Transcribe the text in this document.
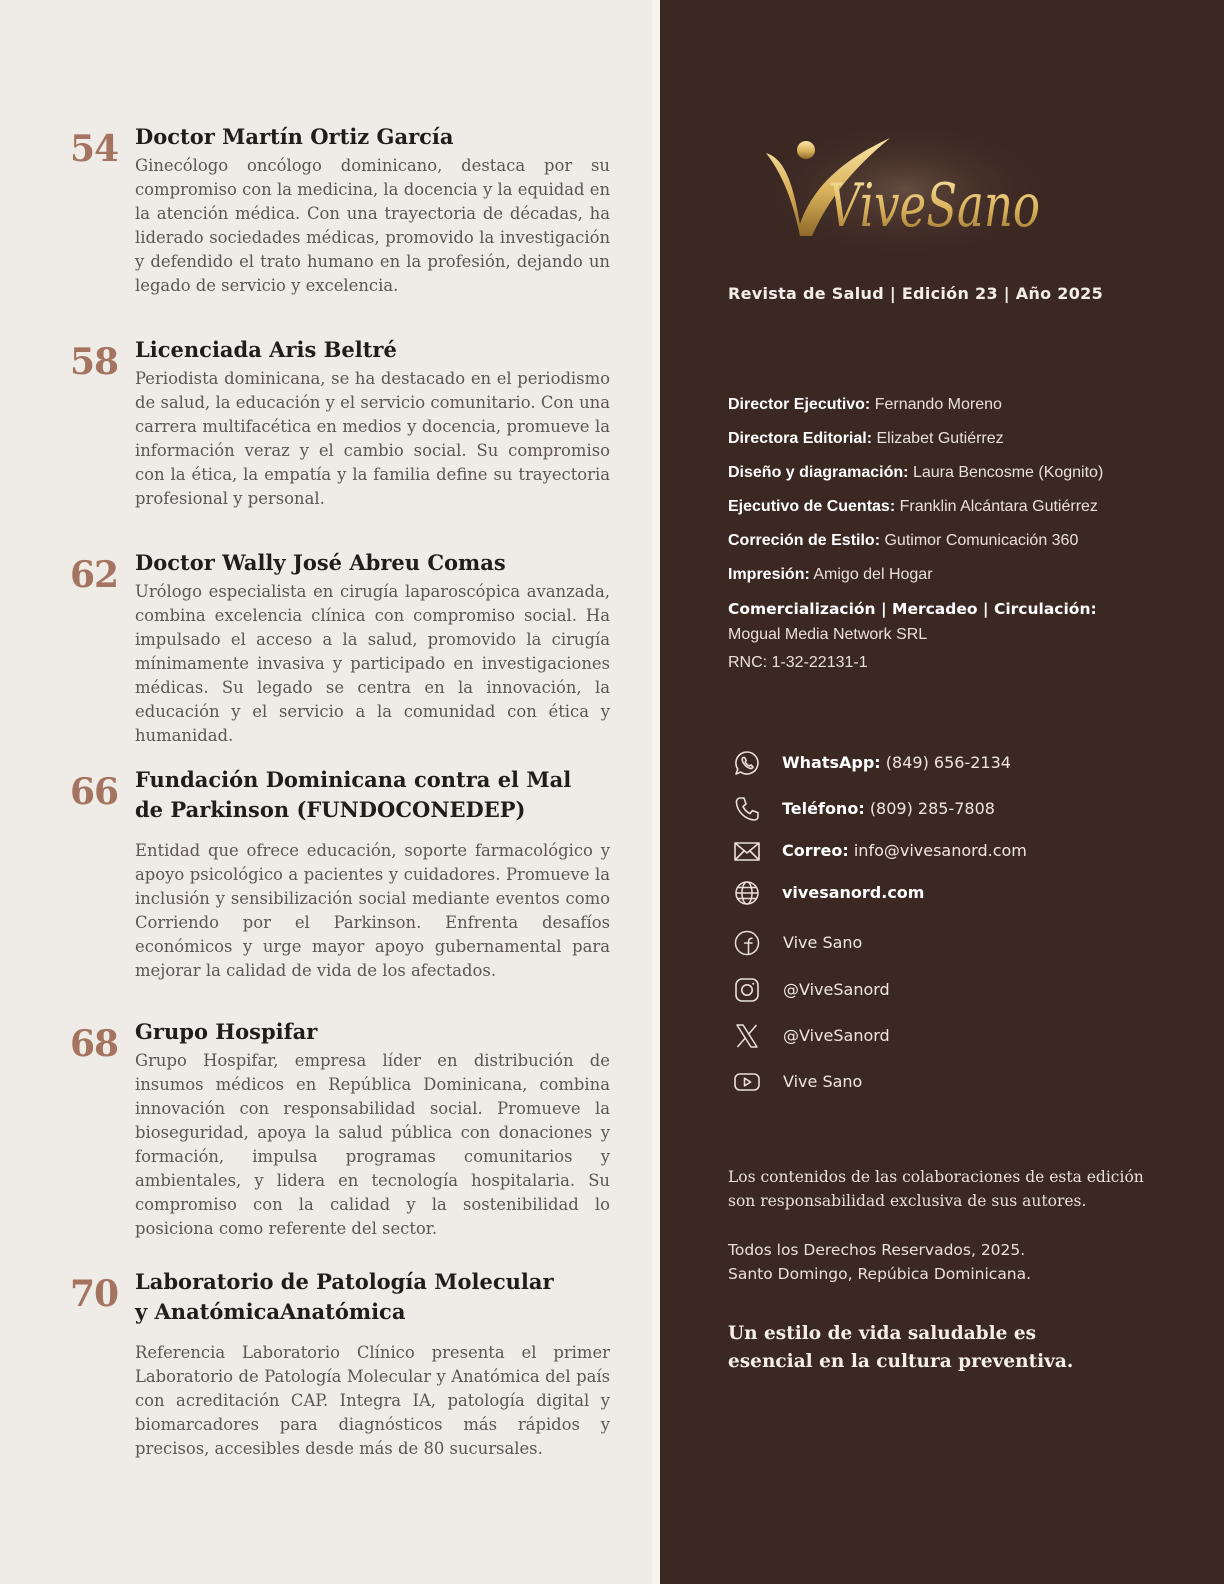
54 Doctor Martín Ortiz García

Ginecólogo oncólogo dominicano, destaca por su compromiso con la medicina, la docencia y la equidad en la atención médica. Con una trayectoria de décadas, ha liderado sociedades médicas, promovido la investigación y defendido el trato humano en la profesión, dejando un legado de servicio y excelencia.

58 Licenciada Aris Beltré

Periodista dominicana, se ha destacado en el periodismo de salud, la educación y el servicio comunitario. Con una carrera multifacética en medios y docencia, promueve la información veraz y el cambio social. Su compromiso con la ética, la empatía y la familia define su trayectoria profesional y personal.

62 Doctor Wally José Abreu Comas

Urólogo especialista en cirugía laparoscópica avanzada, combina excelencia clínica con compromiso social. Ha impulsado el acceso a la salud, promovido la cirugía mínimamente invasiva y participado en investigaciones médicas. Su legado se centra en la innovación, la educación y el servicio a la comunidad con ética y humanidad.

66 Fundación Dominicana contra el Mal
de Parkinson (FUNDOCONEDEP)

Entidad que ofrece educación, soporte farmacológico y apoyo psicológico a pacientes y cuidadores. Promueve la inclusión y sensibilización social mediante eventos como Corriendo por el Parkinson. Enfrenta desafíos económicos y urge mayor apoyo gubernamental para mejorar la calidad de vida de los afectados.

68 Grupo Hospifar

Grupo Hospifar, empresa líder en distribución de insumos médicos en República Dominicana, combina innovación con responsabilidad social. Promueve la bioseguridad, apoya la salud pública con donaciones y formación, impulsa programas comunitarios y ambientales, y lidera en tecnología hospitalaria. Su compromiso con la calidad y la sostenibilidad lo posiciona como referente del sector.

70 Laboratorio de Patología Molecular
y AnatómicaAnatómica

Referencia Laboratorio Clínico presenta el primer Laboratorio de Patología Molecular y Anatómica del país con acreditación CAP. Integra IA, patología digital y biomarcadores para diagnósticos más rápidos y precisos, accesibles desde más de 80 sucursales.

ViveSano
Revista de Salud | Edición 23 | Año 2025
Director Ejecutivo: Fernando Moreno
Directora Editorial: Elizabet Gutiérrez
Diseño y diagramación: Laura Bencosme (Kognito)
Ejecutivo de Cuentas: Franklin Alcántara Gutiérrez
Correción de Estilo: Gutimor Comunicación 360
Impresión: Amigo del Hogar
Comercialización | Mercadeo | Circulación:
Mogual Media Network SRL
RNC: 1-32-22131-1
WhatsApp: (849) 656-2134
Teléfono: (809) 285-7808
Correo: info@vivesanord.com
vivesanord.com
Vive Sano
@ViveSanord
@ViveSanord
Vive Sano
Los contenidos de las colaboraciones de esta edición
son responsabilidad exclusiva de sus autores.
Todos los Derechos Reservados, 2025.
Santo Domingo, Repúbica Dominicana.
Un estilo de vida saludable es
esencial en la cultura preventiva.
